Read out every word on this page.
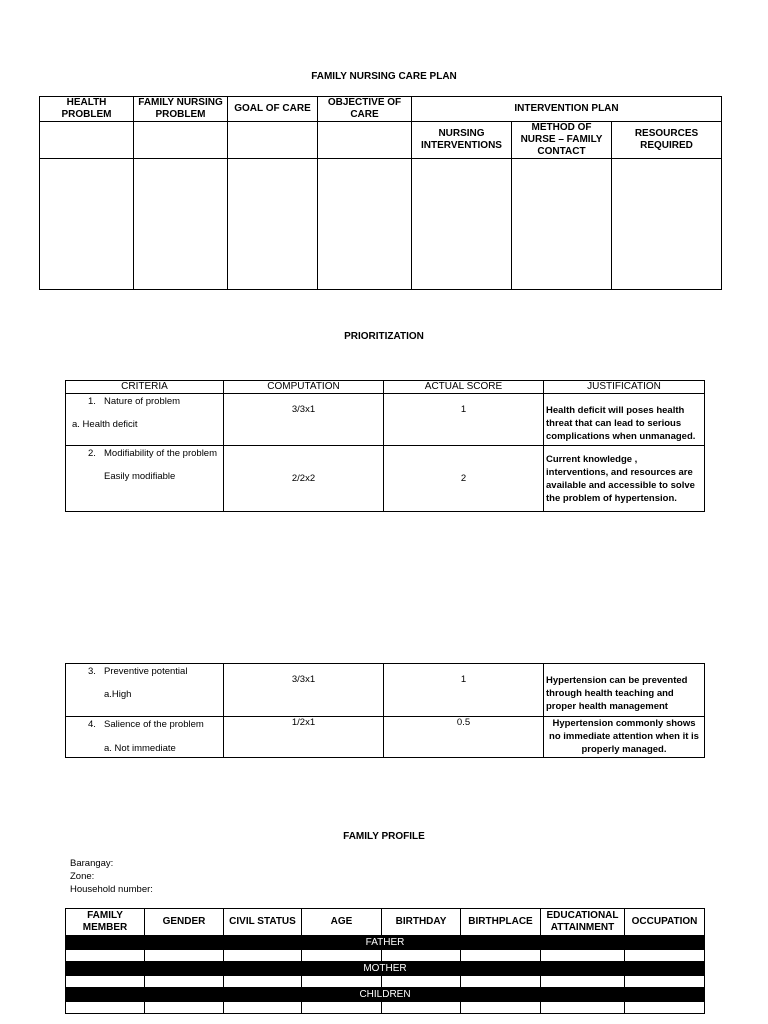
FAMILY NURSING CARE PLAN
HEALTH PROBLEM	FAMILY NURSING PROBLEM	GOAL OF CARE	OBJECTIVE OF CARE	INTERVENTION PLAN		
				NURSING INTERVENTIONS	METHOD OF NURSE – FAMILY CONTACT	RESOURCES REQUIRED

PRIORITIZATION
CRITERIA	COMPUTATION	ACTUAL SCORE	JUSTIFICATION

1. Nature of problem
a. Health deficit	3/3x1	1	Health deficit will poses health threat that can lead to serious complications when unmanaged.

2. Modifiability of the problem
Easily modifiable	2/2x2	2	Current knowledge , interventions, and resources are available and accessible to solve the problem of hypertension.
3. Preventive potential
a.High	3/3x1	1	Hypertension can be prevented through health teaching and proper health management

4. Salience of the problem
a. Not immediate	1/2x1	0.5	Hypertension commonly shows no immediate attention when it is properly managed.
FAMILY PROFILE
Barangay:
Zone:
Household number:
FAMILY MEMBER	GENDER	CIVIL STATUS	AGE	BIRTHDAY	BIRTHPLACE	EDUCATIONAL ATTAINMENT	OCCUPATION
FATHER							

MOTHER							

CHILDREN							
